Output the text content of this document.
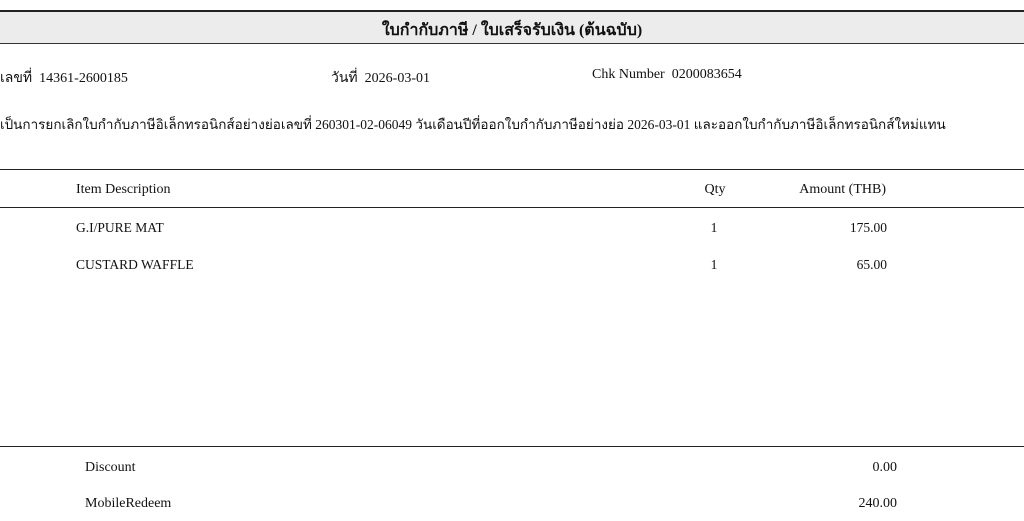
ใบกำกับภาษี / ใบเสร็จรับเงิน (ต้นฉบับ)
เลขที่ 14361-2600185	วันที่ 2026-03-01	Chk Number 0200083654
เป็นการยกเลิกใบกำกับภาษีอิเล็กทรอนิกส์อย่างย่อเลขที่ 260301-02-06049 วันเดือนปีที่ออกใบกำกับภาษีอย่างย่อ 2026-03-01 และออกใบกำกับภาษีอิเล็กทรอนิกส์ใหม่แทน
Item Description	Qty	Amount (THB)
G.I/PURE MAT	1	175.00
CUSTARD WAFFLE	1	65.00
Discount	0.00
MobileRedeem	240.00
